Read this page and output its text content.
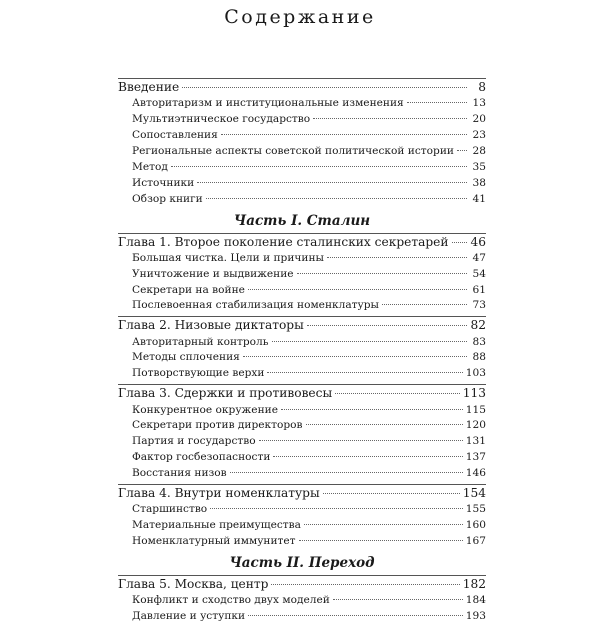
Содержание
Введение	8
Авторитаризм и институциональные изменения	13
Мультиэтническое государство	20
Сопоставления	23
Региональные аспекты советской политической истории 28
Метод	35
Источники	38
Обзор книги	41
Часть I. Сталин
Глава 1. Второе поколение сталинских секретарей 46
Большая чистка. Цели и причины	47
Уничтожение и выдвижение	54
Секретари на войне	61
Послевоенная стабилизация номенклатуры	73
Глава 2. Низовые диктаторы	82
Авторитарный контроль	83
Методы сплочения	88
Потворствующие верхи	103
Глава 3. Сдержки и противовесы	113
Конкурентное окружение	115
Секретари против директоров	120
Партия и государство	131
Фактор госбезопасности	137
Восстания низов	146
Глава 4. Внутри номенклатуры	154
Старшинство	155
Материальные преимущества	160
Номенклатурный иммунитет	167
Часть II. Переход
Глава 5. Москва, центр	182
Конфликт и сходство двух моделей	184
Давление и уступки	193
